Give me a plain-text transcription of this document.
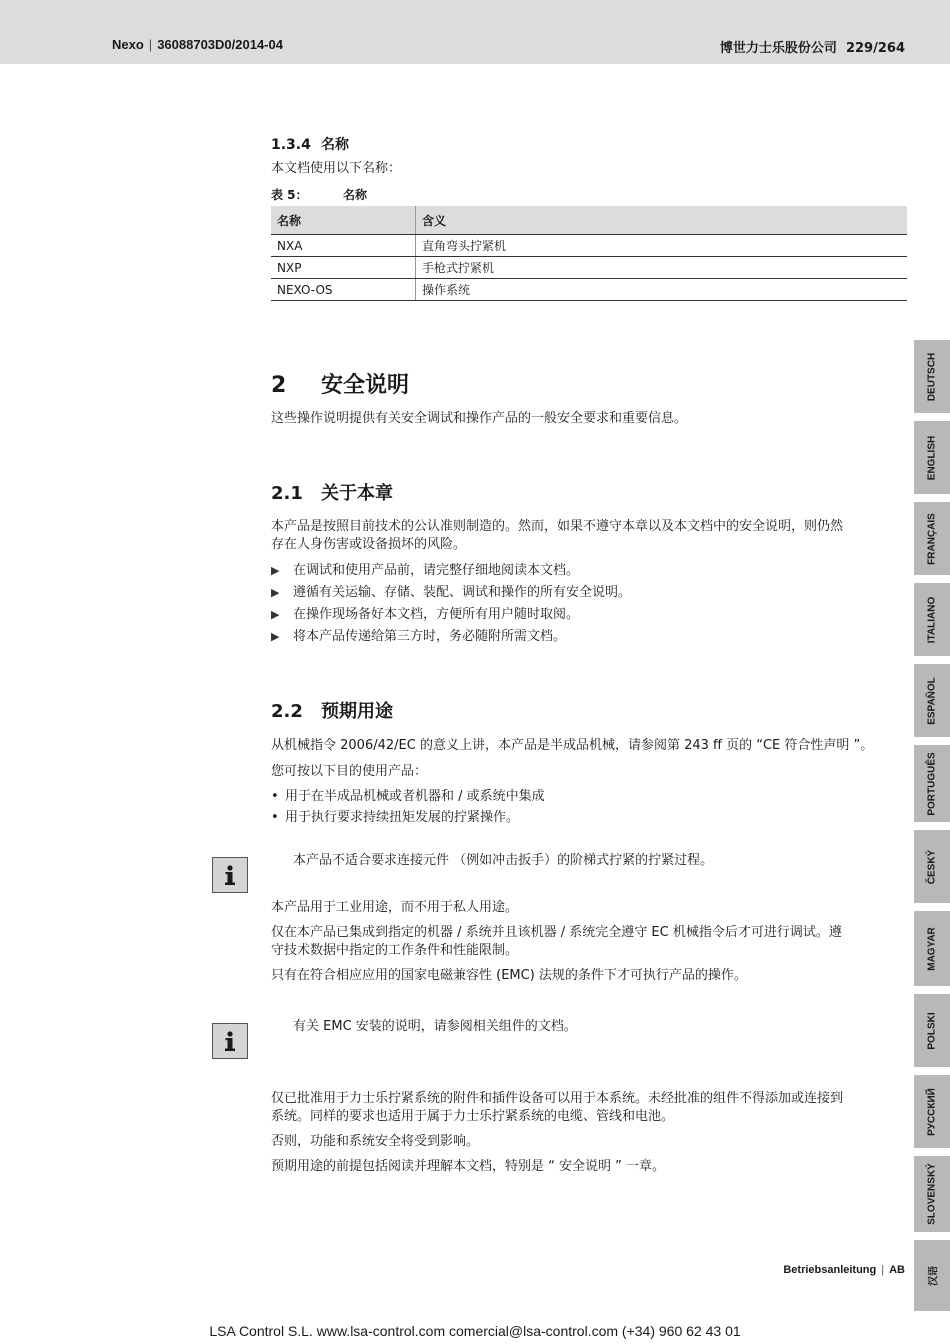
Nexo | 36088703D0/2014-04	博世力士乐股份公司 229/264
1.3.4 名称
本文档使用以下名称：
表 5：	名称
名称	含义
NXA	直角弯头拧紧机
NXP	手枪式拧紧机
NEXO-OS	操作系统
2 安全说明
这些操作说明提供有关安全调试和操作产品的一般安全要求和重要信息。
2.1 关于本章
本产品是按照目前技术的公认准则制造的。然而，如果不遵守本章以及本文档中的安全说明，则仍然
存在人身伤害或设备损坏的风险。
▶ 在调试和使用产品前，请完整仔细地阅读本文档。
▶ 遵循有关运输、存储、装配、调试和操作的所有安全说明。
▶ 在操作现场备好本文档，方便所有用户随时取阅。
▶ 将本产品传递给第三方时，务必随附所需文档。
2.2 预期用途
从机械指令 2006/42/EC 的意义上讲，本产品是半成品机械，请参阅第 243 ff 页的 “CE 符合性声明 ”。
您可按以下目的使用产品：
• 用于在半成品机械或者机器和 / 或系统中集成
• 用于执行要求持续扭矩发展的拧紧操作。
本产品不适合要求连接元件 （例如冲击扳手）的阶梯式拧紧的拧紧过程。
本产品用于工业用途，而不用于私人用途。
仅在本产品已集成到指定的机器 / 系统并且该机器 / 系统完全遵守 EC 机械指令后才可进行调试。遵
守技术数据中指定的工作条件和性能限制。
只有在符合相应应用的国家电磁兼容性 (EMC) 法规的条件下才可执行产品的操作。
有关 EMC 安装的说明，请参阅相关组件的文档。
仅已批准用于力士乐拧紧系统的附件和插件设备可以用于本系统。未经批准的组件不得添加或连接到
系统。同样的要求也适用于属于力士乐拧紧系统的电缆、管线和电池。
否则，功能和系统安全将受到影响。
预期用途的前提包括阅读并理解本文档，特别是 “ 安全说明 ” 一章。
DEUTSCH
ENGLISH
FRANÇAIS
ITALIANO
ESPAÑOL
PORTUGUÊS
ČESKÝ
MAGYAR
POLSKI
РУССКИЙ
SLOVENSKÝ
汉语
Betriebsanleitung | AB
LSA Control S.L. www.lsa-control.com comercial@lsa-control.com (+34) 960 62 43 01
